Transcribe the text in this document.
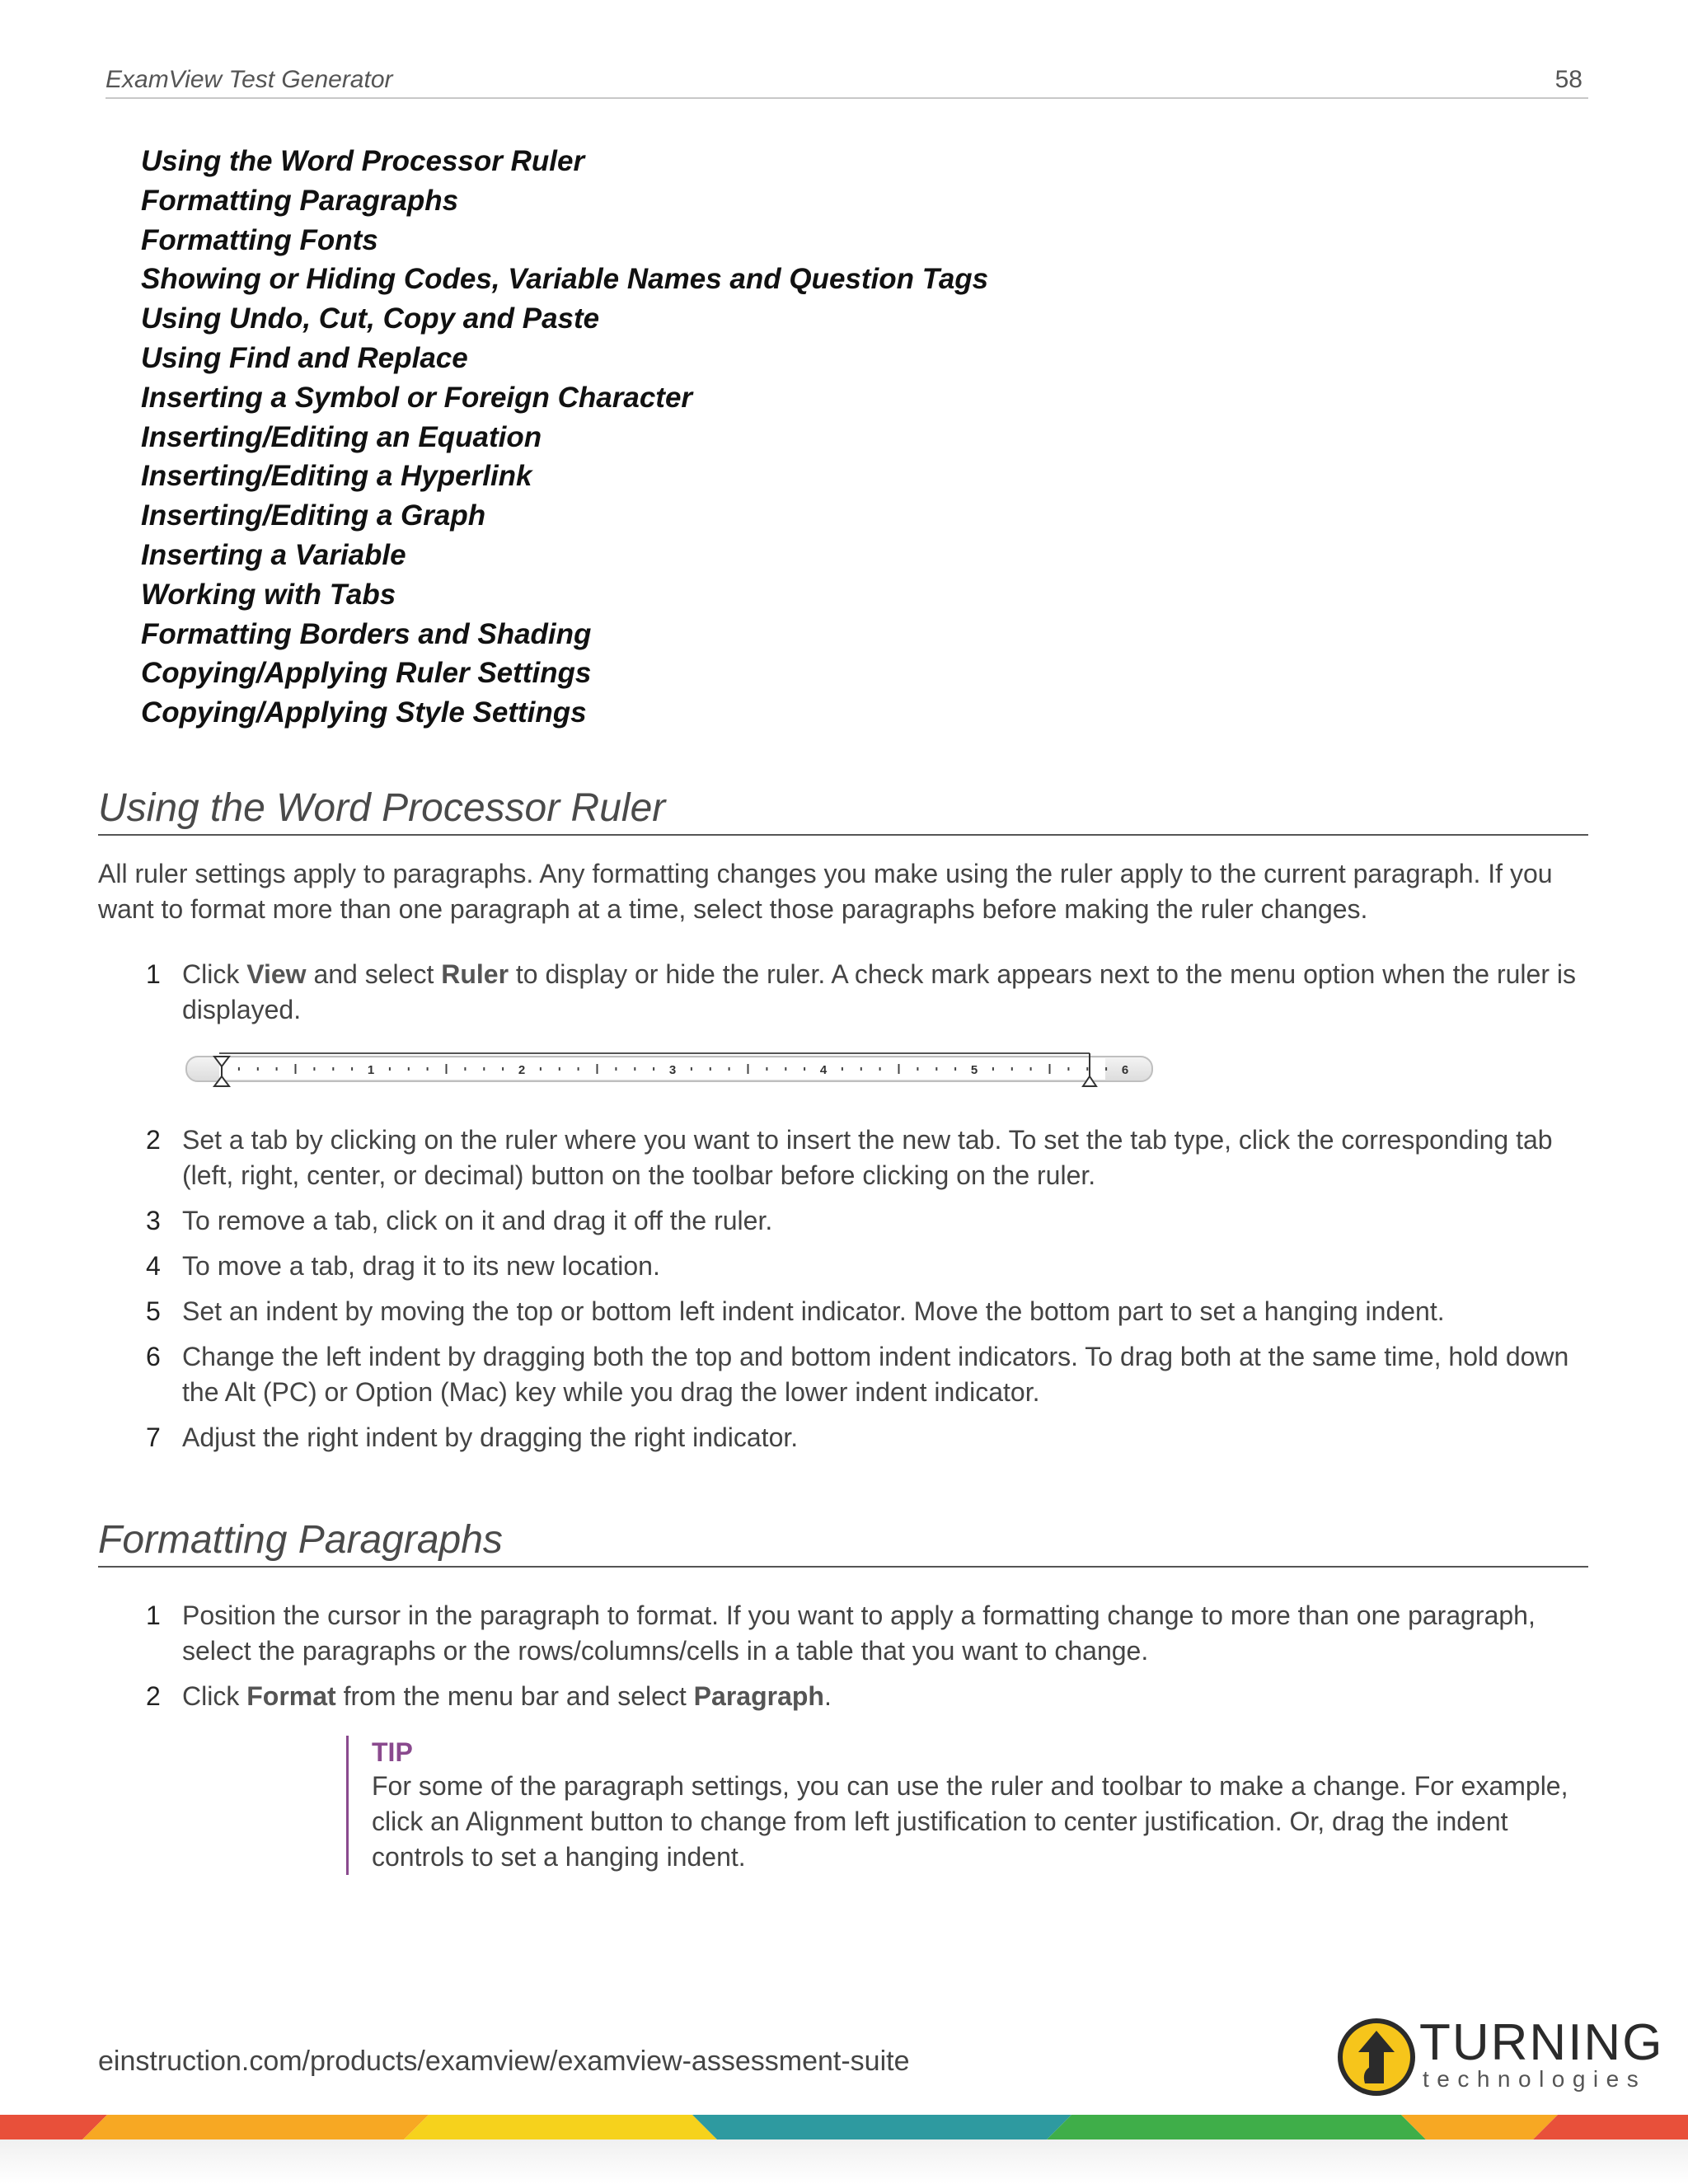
ExamView Test Generator	58
Using the Word Processor Ruler
Formatting Paragraphs
Formatting Fonts
Showing or Hiding Codes, Variable Names and Question Tags
Using Undo, Cut, Copy and Paste
Using Find and Replace
Inserting a Symbol or Foreign Character
Inserting/Editing an Equation
Inserting/Editing a Hyperlink
Inserting/Editing a Graph
Inserting a Variable
Working with Tabs
Formatting Borders and Shading
Copying/Applying Ruler Settings
Copying/Applying Style Settings
Using the Word Processor Ruler

All ruler settings apply to paragraphs. Any formatting changes you make using the ruler apply to the current paragraph. If you want to format more than one paragraph at a time, select those paragraphs before making the ruler changes.

1 Click View and select Ruler to display or hide the ruler. A check mark appears next to the menu option when the ruler is displayed.
1	2	3	4	5	6
2 Set a tab by clicking on the ruler where you want to insert the new tab. To set the tab type, click the corresponding tab (left, right, center, or decimal) button on the toolbar before clicking on the ruler.
3 To remove a tab, click on it and drag it off the ruler.
4 To move a tab, drag it to its new location.
5 Set an indent by moving the top or bottom left indent indicator. Move the bottom part to set a hanging indent.
6 Change the left indent by dragging both the top and bottom indent indicators. To drag both at the same time, hold down the Alt (PC) or Option (Mac) key while you drag the lower indent indicator.
7 Adjust the right indent by dragging the right indicator.
Formatting Paragraphs
1 Position the cursor in the paragraph to format. If you want to apply a formatting change to more than one paragraph, select the paragraphs or the rows/columns/cells in a table that you want to change.
2 Click Format from the menu bar and select Paragraph.
TIP
For some of the paragraph settings, you can use the ruler and toolbar to make a change. For example, click an Alignment button to change from left justification to center justification. Or, drag the indent controls to set a hanging indent.
einstruction.com/products/examview/examview-assessment-suite	TURNING
technologies
